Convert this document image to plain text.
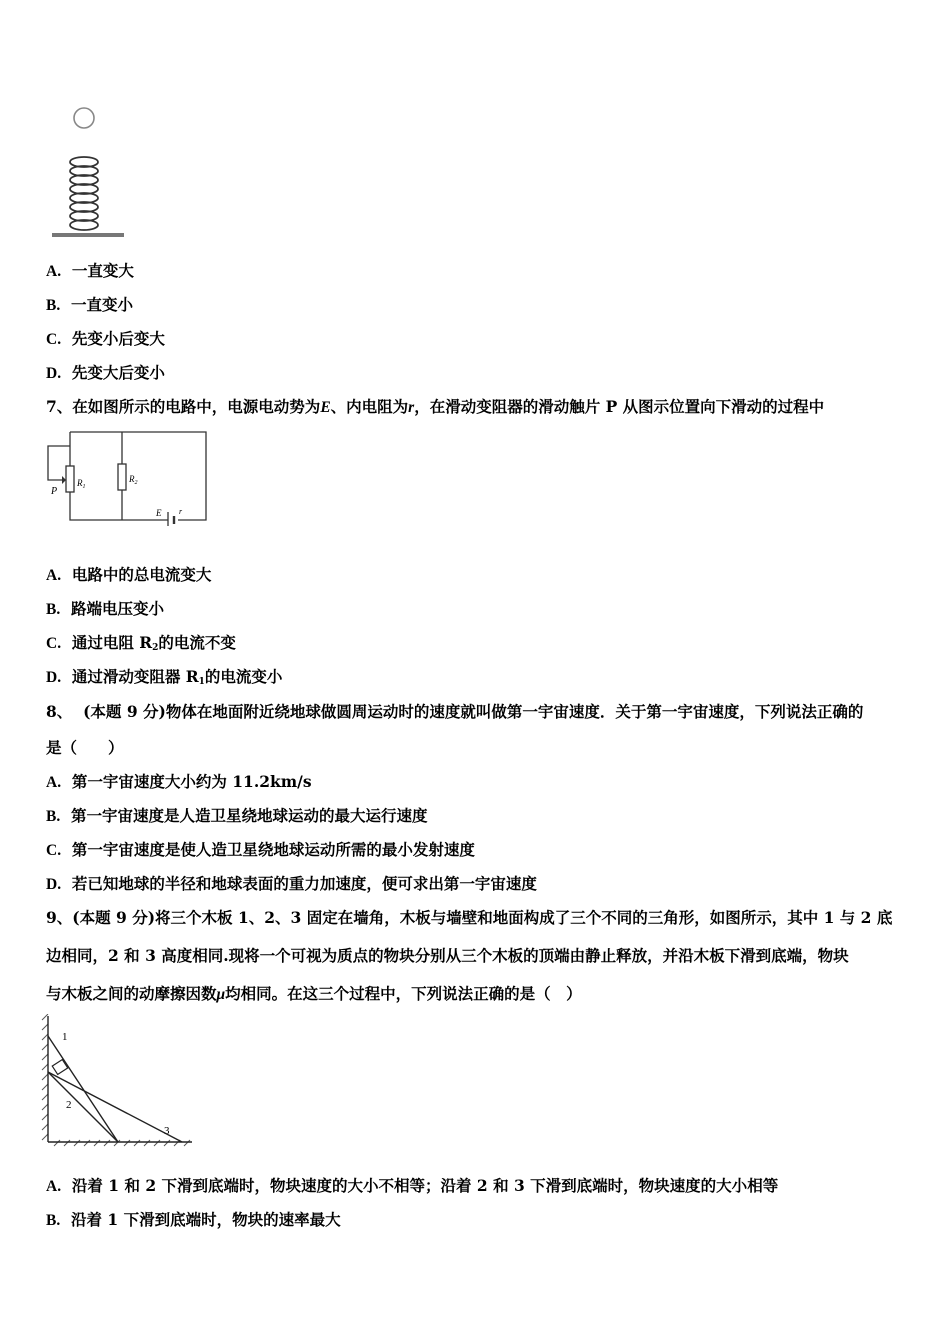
A. 一直变大
B. 一直变小
C. 先变小后变大
D. 先变大后变小
7、在如图所示的电路中，电源电动势为E、内电阻为r，在滑动变阻器的滑动触片 P 从图示位置向下滑动的过程中
P
$R_1$
$R_2$
E r
A. 电路中的总电流变大
B. 路端电压变小
C. 通过电阻 $R_2$的电流不变
D. 通过滑动变阻器 $R_1$的电流变小
8、 (本题 9 分)物体在地面附近绕地球做圆周运动时的速度就叫做第一宇宙速度．关于第一宇宙速度，下列说法正确的
是（　　）
A. 第一宇宙速度大小约为 11.2km/s
B. 第一宇宙速度是人造卫星绕地球运动的最大运行速度
C. 第一宇宙速度是使人造卫星绕地球运动所需的最小发射速度
D. 若已知地球的半径和地球表面的重力加速度，便可求出第一宇宙速度
9、(本题 9 分)将三个木板 1、2、3 固定在墙角，木板与墙壁和地面构成了三个不同的三角形，如图所示，其中 1 与 2 底
边相同，2 和 3 高度相同.现将一个可视为质点的物块分别从三个木板的顶端由静止释放，并沿木板下滑到底端，物块
与木板之间的动摩擦因数μ均相同。在这三个过程中，下列说法正确的是（　）
1
2
3
A. 沿着 1 和 2 下滑到底端时，物块速度的大小不相等；沿着 2 和 3 下滑到底端时，物块速度的大小相等
B. 沿着 1 下滑到底端时，物块的速率最大
